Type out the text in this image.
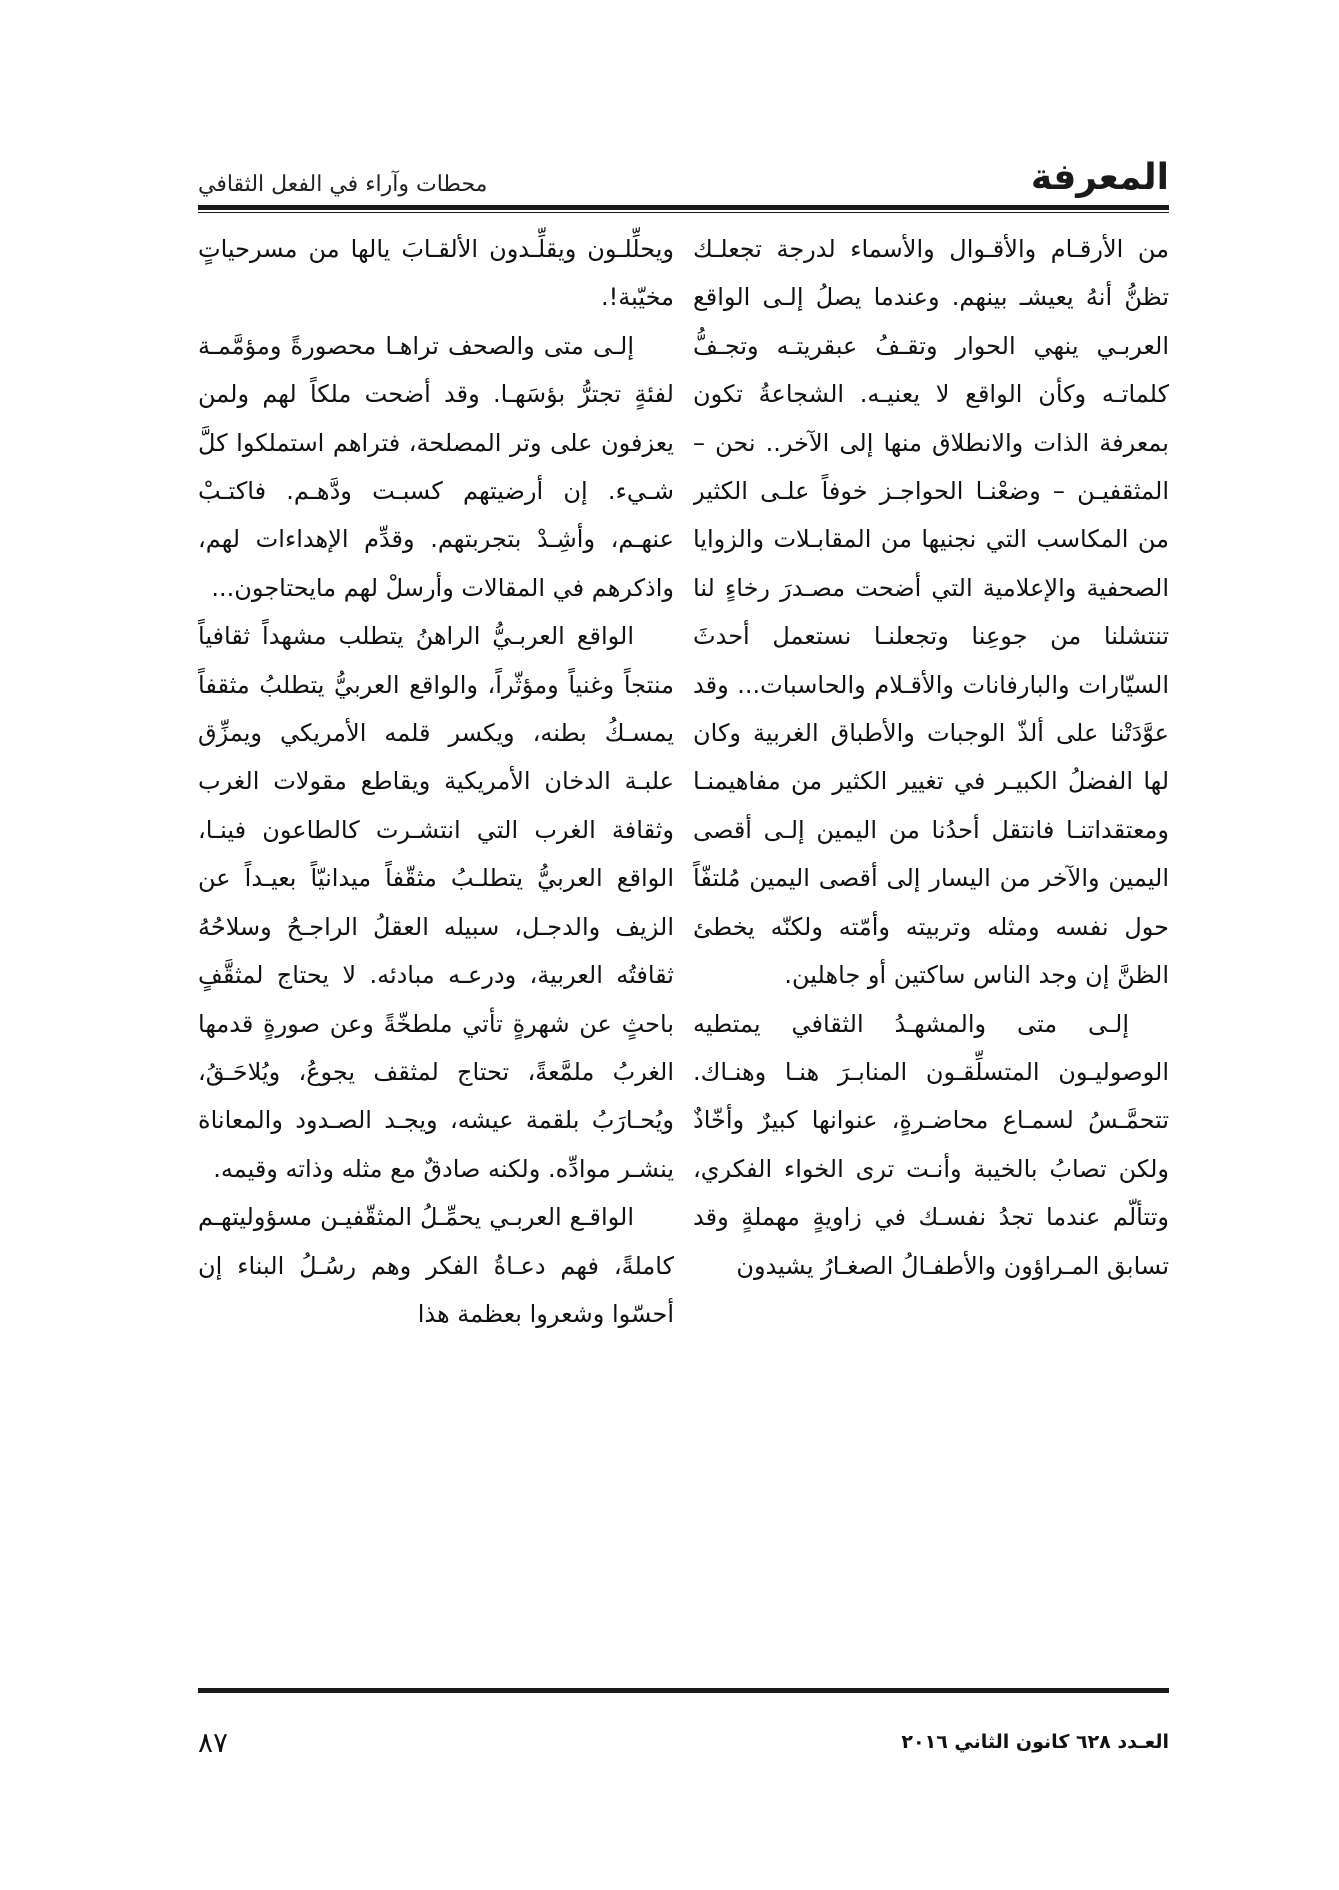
المعرفة
محطات وآراء في الفعل الثقافي

من الأرقـام والأقـوال والأسماء لدرجة تجعلـك تظنُّ أنهُ يعيشـ بينهم. وعندما يصلُ إلـى الواقع العربـي ينهي الحوار وتقـفُ عبقريتـه وتجـفُّ كلماتـه وكأن الواقع لا يعنيـه. الشجاعةُ تكون بمعرفة الذات والانطلاق منها إلى الآخر.. نحن – المثقفيـن – وضعْنـا الحواجـز خوفاً علـى الكثير من المكاسب التي نجنيها من المقابـلات والزوايا الصحفية والإعلامية التي أضحت مصـدرَ رخاءٍ لنا تنتشلنا من جوعِنا وتجعلنـا نستعمل أحدثَ السيّارات والبارفانات والأقـلام والحاسبات... وقد عوَّدَتْنا على ألذّ الوجبات والأطباق الغربية وكان لها الفضلُ الكبيـر في تغيير الكثير من مفاهيمنـا ومعتقداتنـا فانتقل أحدُنا من اليمين إلـى أقصى اليمين والآخر من اليسار إلى أقصى اليمين مُلتفّاً حول نفسه ومثله وتربيته وأمّته ولكنّه يخطئ الظنَّ إن وجد الناس ساكتين أو جاهلين.

إلـى متى والمشهـدُ الثقافي يمتطيه الوصوليـون المتسلِّقـون المنابـرَ هنـا وهنـاك. تتحمَّـسُ لسمـاع محاضـرةٍ، عنوانها كبيرٌ وأخّاذٌ ولكن تصابُ بالخيبة وأنـت ترى الخواء الفكري، وتتألّم عندما تجدُ نفسـك في زاويةٍ مهملةٍ وقد تسابق المـراؤون والأطفـالُ الصغـارُ يشيدون

ويحلِّلـون ويقلِّـدون الألقـابَ يالها من مسرحياتٍ مخيّبة!.

إلـى متى والصحف تراهـا محصورةً ومؤمَّمـة لفئةٍ تجترُّ بؤسَهـا. وقد أضحت ملكاً لهم ولمن يعزفون على وتر المصلحة، فتراهم استملكوا كلَّ شـيء. إن أرضيتهم كسبـت ودَّهـم. فاكتـبْ عنهـم، وأشِـدْ بتجربتهم. وقدِّم الإهداءات لهم، واذكرهم في المقالات وأرسلْ لهم مايحتاجون...

الواقع العربـيُّ الراهنُ يتطلب مشهداً ثقافياً منتجاً وغنياً ومؤثّراً، والواقع العربيُّ يتطلبُ مثقفاً يمسـكُ بطنه، ويكسر قلمه الأمريكي ويمزِّق علبـة الدخان الأمريكية ويقاطع مقولات الغرب وثقافة الغرب التي انتشـرت كالطاعون فينـا، الواقع العربيُّ يتطلـبُ مثقّفاً ميدانيّاً بعيـداً عن الزيف والدجـل، سبيله العقلُ الراجـحُ وسلاحُهُ ثقافتُه العربية، ودرعـه مبادئه. لا يحتاج لمثقَّفٍ باحثٍ عن شهرةٍ تأتي ملطخّةً وعن صورةٍ قدمها الغربُ ملمَّعةً، تحتاج لمثقف يجوعُ، ويُلاحَـقُ، ويُحـارَبُ بلقمة عيشه، ويجـد الصـدود والمعاناة ينشـر موادِّه. ولكنه صادقٌ مع مثله وذاته وقيمه.

الواقـع العربـي يحمِّـلُ المثقّفيـن مسؤوليتهـم كاملةً، فهم دعـاةُ الفكر وهم رسُـلُ البناء إن أحسّوا وشعروا بعظمة هذا

العـدد ٦٢٨ كانون الثاني ٢٠١٦
٨٧
